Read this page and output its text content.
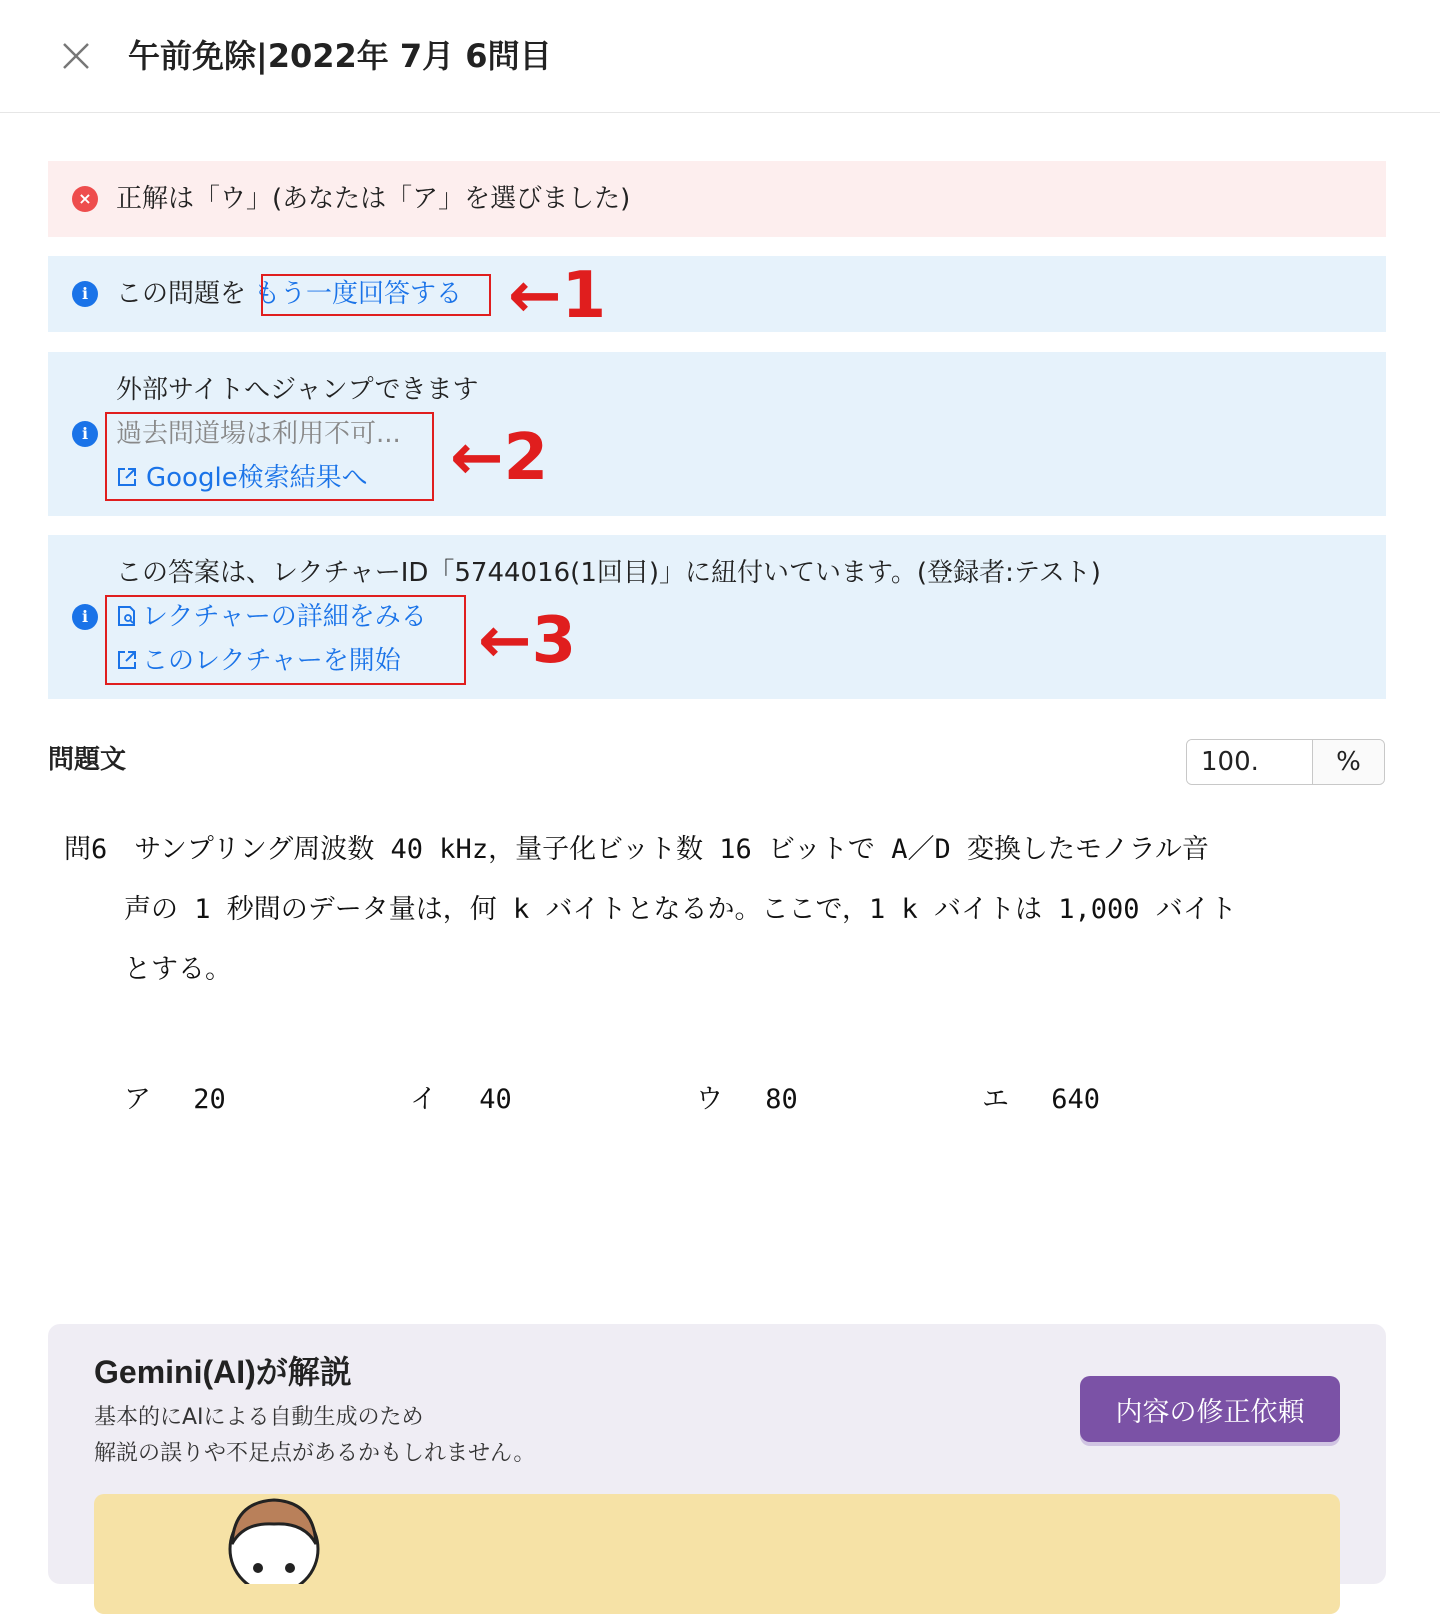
午前免除|2022年 7月 6問目
× 正解は「ウ」(あなたは「ア」を選びました)
i	この問題を もう一度回答する ←1
i
外部サイトへジャンプできます
過去問道場は利用不可...
Google検索結果へ ←2
i
この答案は、レクチャーID「5744016(1回目)」に紐付いています。(登録者:テスト)
レクチャーの詳細をみる
このレクチャーを開始 ←3
問題文
100.	%
問6　サンプリング周波数 40 kHz，量子化ビット数 16 ビットで A／D 変換したモノラル音
声の 1 秒間のデータ量は，何 k バイトとなるか。ここで，1 k バイトは 1,000 バイト
とする。
ア 20	イ 40	ウ 80	エ 640
Gemini(AI)が解説
基本的にAIによる自動生成のため
解説の誤りや不足点があるかもしれません。
内容の修正依頼
